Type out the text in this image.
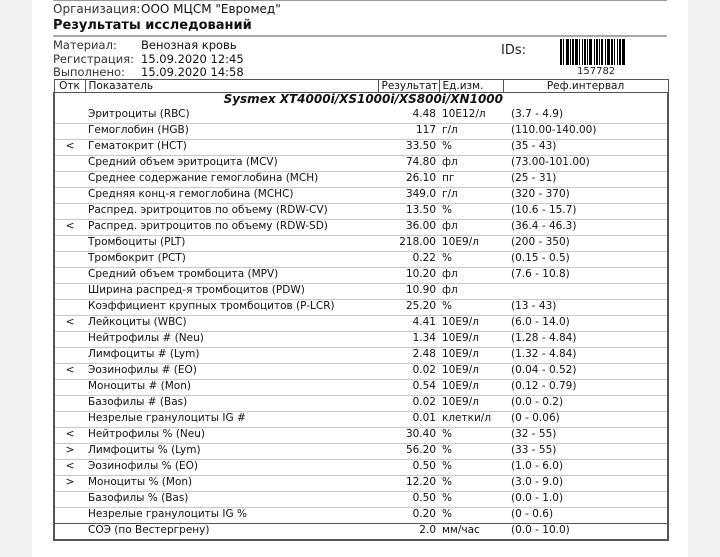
Организация: ООО МЦСМ "Евромед"
Результаты исследований
Материал:	Венозная кровь
Регистрация: 15.09.2020 12:45
Выполнено:	15.09.2020 14:58
IDs:
157782
Отк	Показатель	Результат	Ед.изм.	Реф.интервал
Sysmex XT4000i/XS1000i/XS800i/XN1000				
	Эритроциты (RBC)	4.48	10E12/л	(3.7 - 4.9)
	Гемоглобин (HGB)	117	г/л	(110.00-140.00)
<	Гематокрит (HCT)	33.50	%	(35 - 43)
	Средний объем эритроцита (MCV)	74.80	фл	(73.00-101.00)
	Среднее содержание гемоглобина (MCH)	26.10	пг	(25 - 31)
	Средняя конц-я гемоглобина (MCHC)	349.0	г/л	(320 - 370)
	Распред. эритроцитов по объему (RDW-CV)	13.50	%	(10.6 - 15.7)
<	Распред. эритроцитов по объему (RDW-SD)	36.00	фл	(36.4 - 46.3)
	Тромбоциты (PLT)	218.00	10E9/л	(200 - 350)
	Тромбокрит (PCT)	0.22	%	(0.15 - 0.5)
	Средний объем тромбоцита (MPV)	10.20	фл	(7.6 - 10.8)
	Ширина распред-я тромбоцитов (PDW)	10.90	фл	
	Коэффициент крупных тромбоцитов (P-LCR)	25.20	%	(13 - 43)
<	Лейкоциты (WBC)	4.41	10E9/л	(6.0 - 14.0)
	Нейтрофилы # (Neu)	1.34	10E9/л	(1.28 - 4.84)
	Лимфоциты # (Lym)	2.48	10E9/л	(1.32 - 4.84)
<	Эозинофилы # (EO)	0.02	10E9/л	(0.04 - 0.52)
	Моноциты # (Mon)	0.54	10E9/л	(0.12 - 0.79)
	Базофилы # (Bas)	0.02	10E9/л	(0.0 - 0.2)
	Незрелые гранулоциты IG #	0.01	клетки/л	(0 - 0.06)
<	Нейтрофилы % (Neu)	30.40	%	(32 - 55)
>	Лимфоциты % (Lym)	56.20	%	(33 - 55)
<	Эозинофилы % (EO)	0.50	%	(1.0 - 6.0)
>	Моноциты % (Mon)	12.20	%	(3.0 - 9.0)
	Базофилы % (Bas)	0.50	%	(0.0 - 1.0)
	Незрелые гранулоциты IG %	0.20	%	(0 - 0.6)
	СОЭ (по Вестергрену)	2.0	мм/час	(0.0 - 10.0)
